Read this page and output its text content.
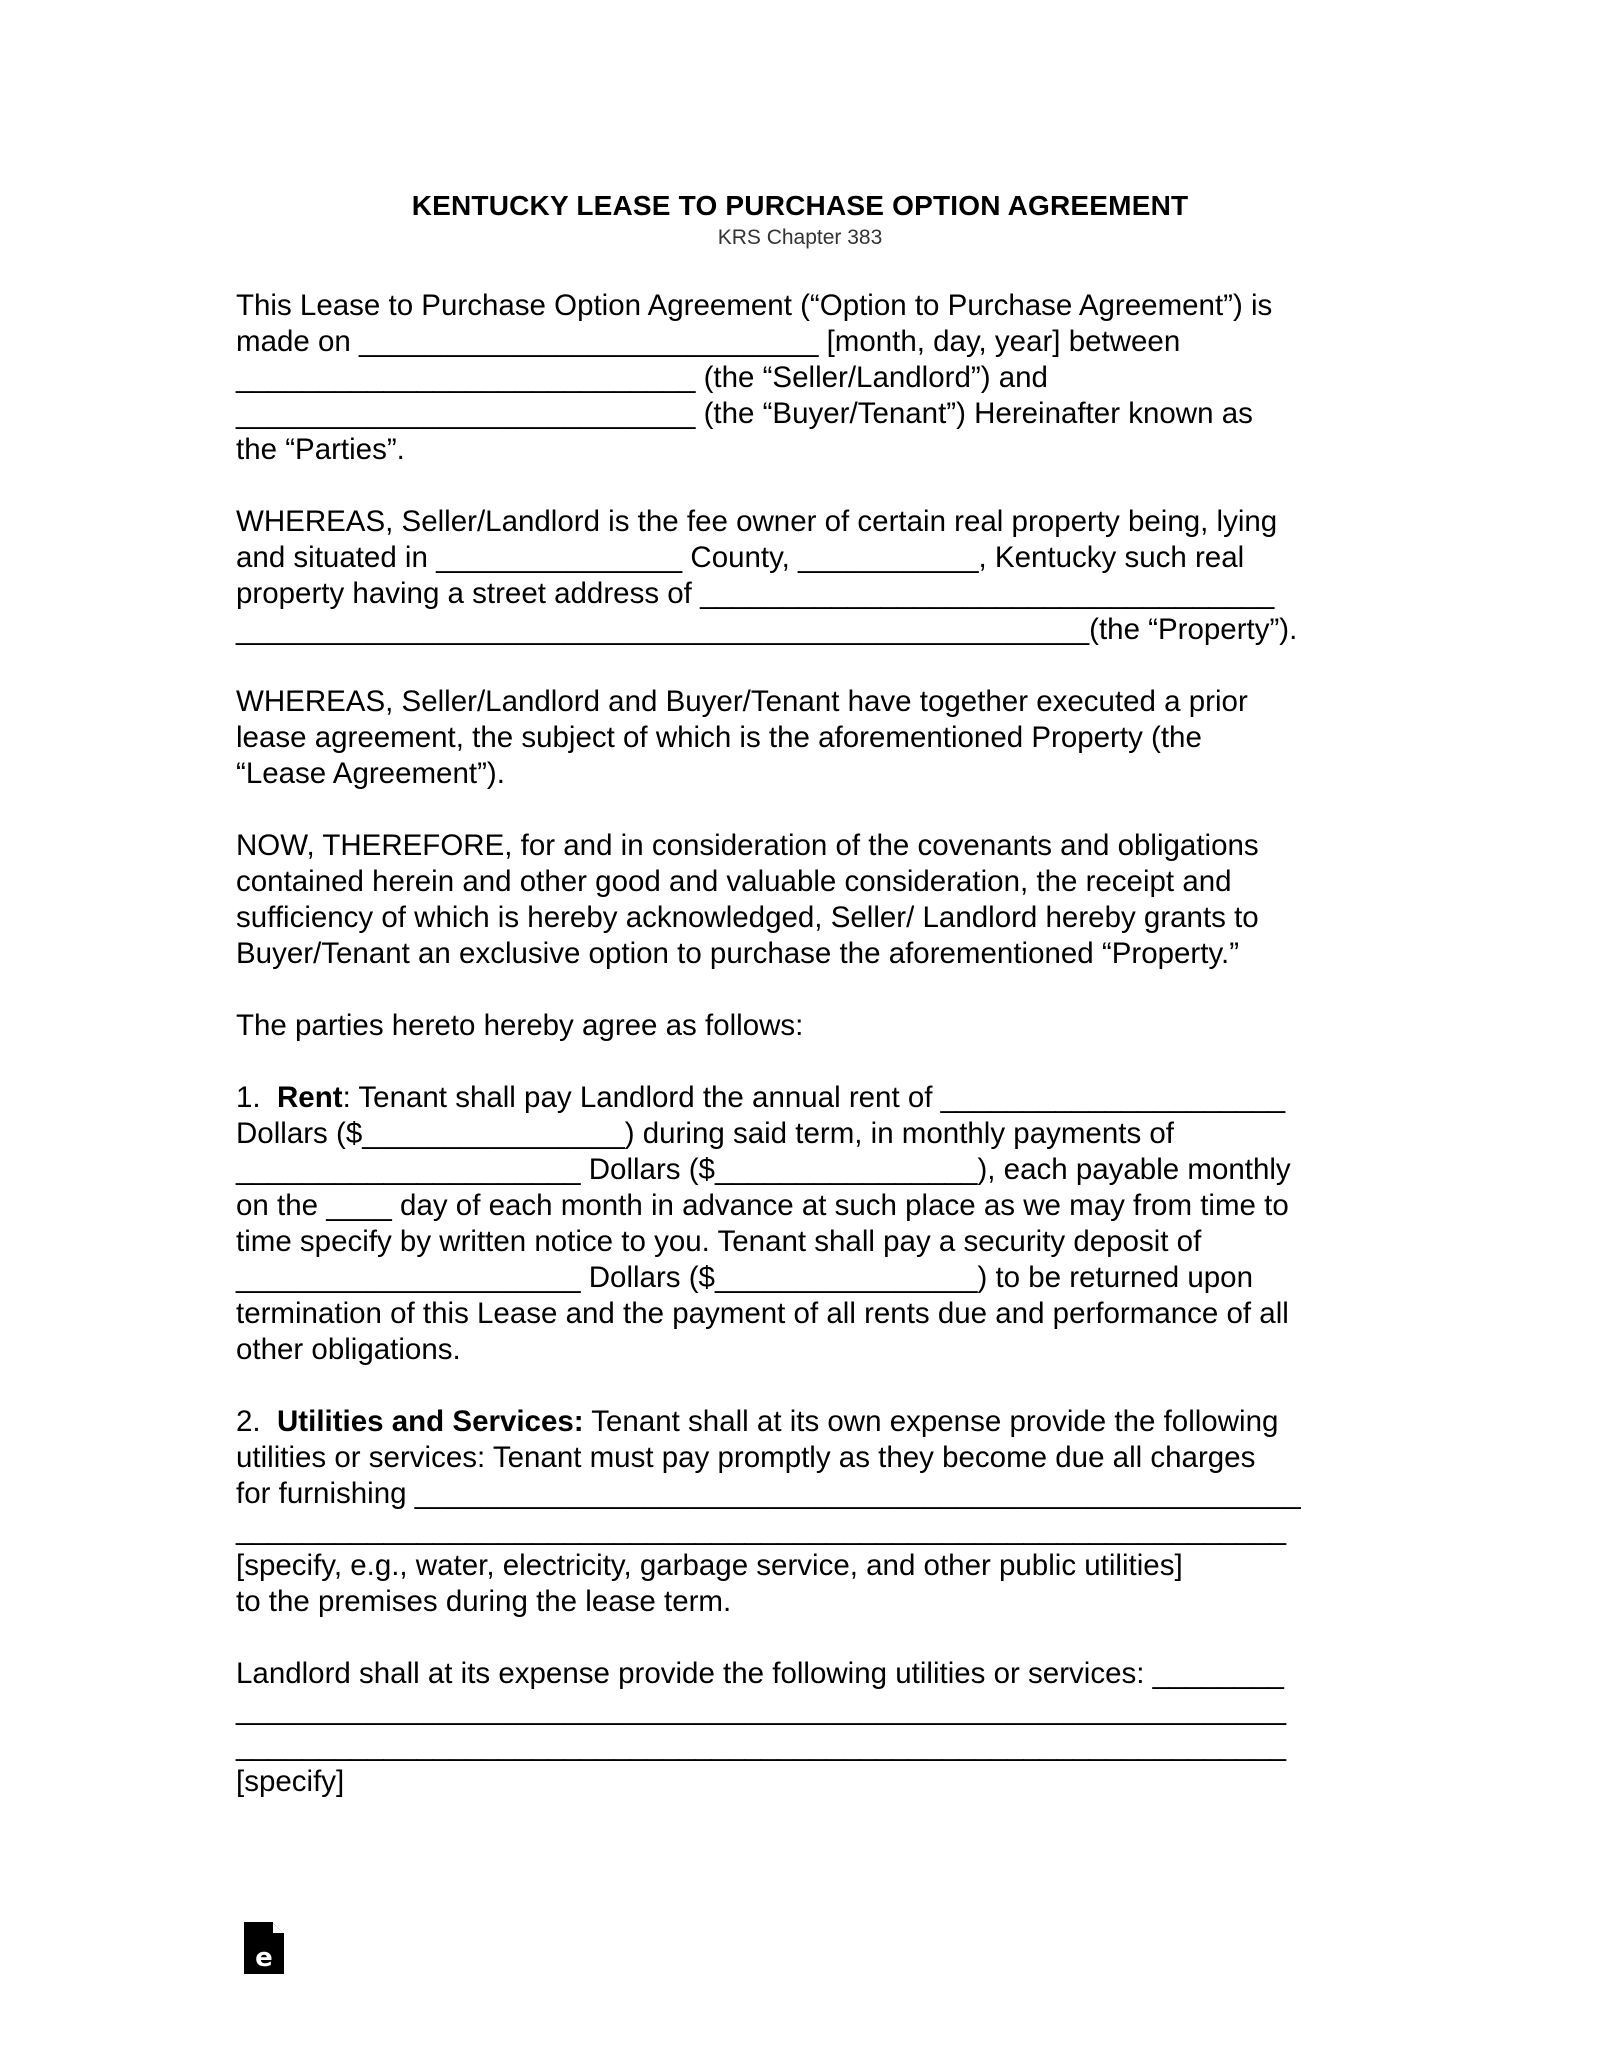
KENTUCKY LEASE TO PURCHASE OPTION AGREEMENT
KRS Chapter 383
This Lease to Purchase Option Agreement (“Option to Purchase Agreement”) is
made on ____________________________ [month, day, year] between
____________________________ (the “Seller/Landlord”) and
____________________________ (the “Buyer/Tenant”) Hereinafter known as
the “Parties”.
WHEREAS, Seller/Landlord is the fee owner of certain real property being, lying
and situated in _______________ County, ___________, Kentucky such real
property having a street address of ___________________________________
____________________________________________________(the “Property”).
WHEREAS, Seller/Landlord and Buyer/Tenant have together executed a prior
lease agreement, the subject of which is the aforementioned Property (the
“Lease Agreement”).
NOW, THEREFORE, for and in consideration of the covenants and obligations
contained herein and other good and valuable consideration, the receipt and
sufficiency of which is hereby acknowledged, Seller/ Landlord hereby grants to
Buyer/Tenant an exclusive option to purchase the aforementioned “Property.”
The parties hereto hereby agree as follows:
1.  Rent: Tenant shall pay Landlord the annual rent of _____________________
Dollars ($________________) during said term, in monthly payments of
_____________________ Dollars ($________________), each payable monthly
on the ____ day of each month in advance at such place as we may from time to
time specify by written notice to you. Tenant shall pay a security deposit of
_____________________ Dollars ($________________) to be returned upon
termination of this Lease and the payment of all rents due and performance of all
other obligations.
2.  Utilities and Services: Tenant shall at its own expense provide the following
utilities or services: Tenant must pay promptly as they become due all charges
for furnishing ______________________________________________________
________________________________________________________________
[specify, e.g., water, electricity, garbage service, and other public utilities]
to the premises during the lease term.
Landlord shall at its expense provide the following utilities or services: ________
________________________________________________________________
________________________________________________________________
[specify]
e
